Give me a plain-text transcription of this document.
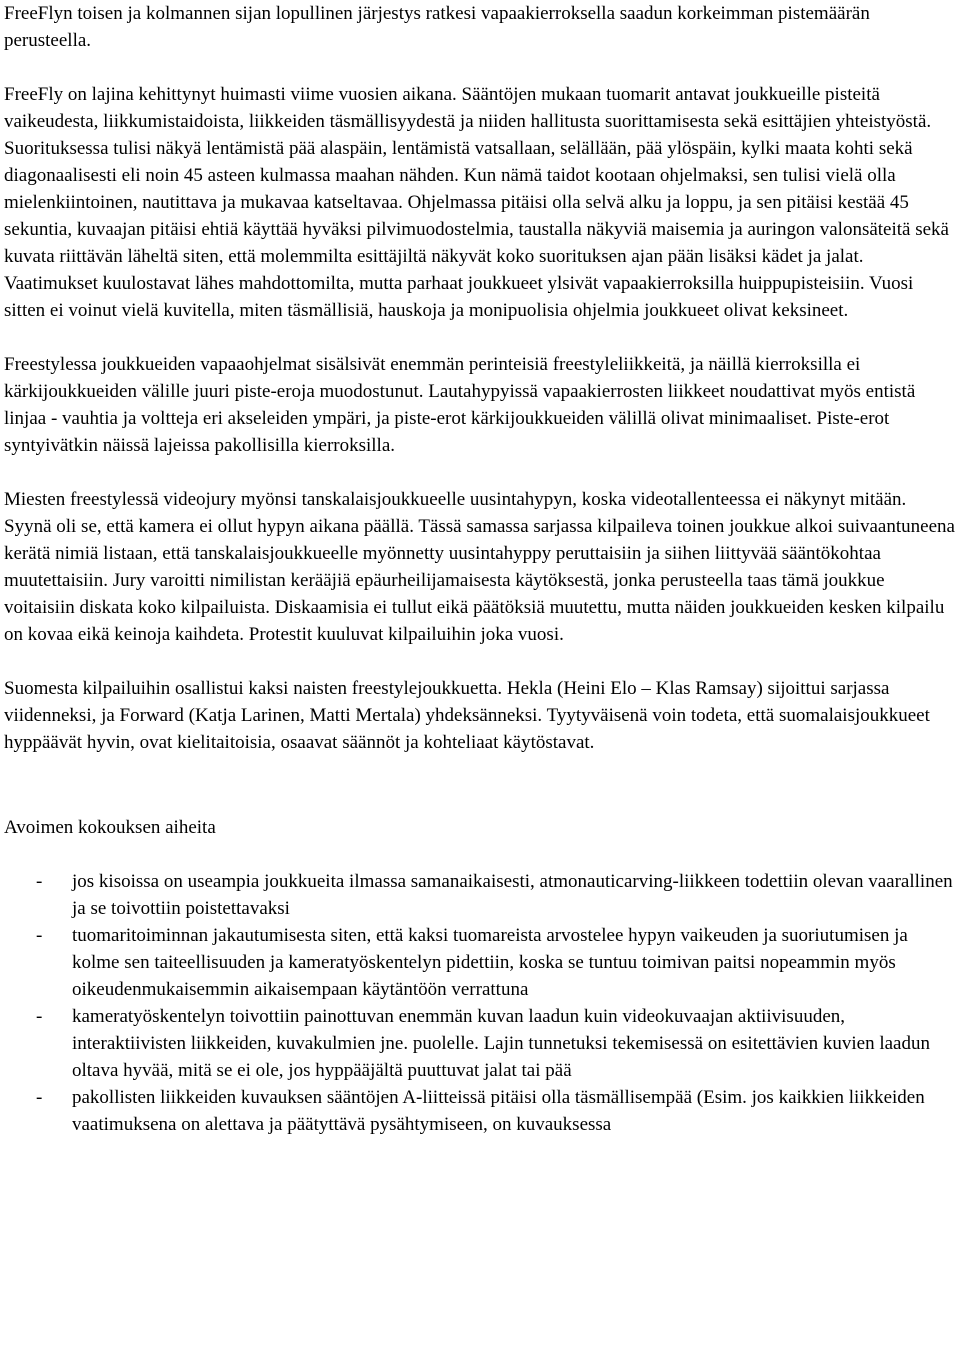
FreeFlyn toisen ja kolmannen sijan lopullinen järjestys ratkesi vapaakierroksella saadun korkeimman pistemäärän perusteella.

FreeFly on lajina kehittynyt huimasti viime vuosien aikana. Sääntöjen mukaan tuomarit antavat joukkueille pisteitä vaikeudesta, liikkumistaidoista, liikkeiden täsmällisyydestä ja niiden hallitusta suorittamisesta sekä esittäjien yhteistyöstä. Suorituksessa tulisi näkyä lentämistä pää alaspäin, lentämistä vatsallaan, selällään, pää ylöspäin, kylki maata kohti sekä diagonaalisesti eli noin 45 asteen kulmassa maahan nähden. Kun nämä taidot kootaan ohjelmaksi, sen tulisi vielä olla mielenkiintoinen, nautittava ja mukavaa katseltavaa. Ohjelmassa pitäisi olla selvä alku ja loppu, ja sen pitäisi kestää 45 sekuntia, kuvaajan pitäisi ehtiä käyttää hyväksi pilvimuodostelmia, taustalla näkyviä maisemia ja auringon valonsäteitä sekä kuvata riittävän läheltä siten, että molemmilta esittäjiltä näkyvät koko suorituksen ajan pään lisäksi kädet ja jalat. Vaatimukset kuulostavat lähes mahdottomilta, mutta parhaat joukkueet ylsivät vapaakierroksilla huippupisteisiin. Vuosi sitten ei voinut vielä kuvitella, miten täsmällisiä, hauskoja ja monipuolisia ohjelmia joukkueet olivat keksineet.

Freestylessa joukkueiden vapaaohjelmat sisälsivät enemmän perinteisiä freestyleliikkeitä, ja näillä kierroksilla ei kärkijoukkueiden välille juuri piste-eroja muodostunut. Lautahypyissä vapaakierrosten liikkeet noudattivat myös entistä linjaa - vauhtia ja voltteja eri akseleiden ympäri, ja piste-erot kärkijoukkueiden välillä olivat minimaaliset. Piste-erot syntyivätkin näissä lajeissa pakollisilla kierroksilla.

Miesten freestylessä videojury myönsi tanskalaisjoukkueelle uusintahypyn, koska videotallenteessa ei näkynyt mitään. Syynä oli se, että kamera ei ollut hypyn aikana päällä. Tässä samassa sarjassa kilpaileva toinen joukkue alkoi suivaantuneena kerätä nimiä listaan, että tanskalaisjoukkueelle myönnetty uusintahyppy peruttaisiin ja siihen liittyvää sääntökohtaa muutettaisiin. Jury varoitti nimilistan kerääjiä epäurheilijamaisesta käytöksestä, jonka perusteella taas tämä joukkue voitaisiin diskata koko kilpailuista. Diskaamisia ei tullut eikä päätöksiä muutettu, mutta näiden joukkueiden kesken kilpailu on kovaa eikä keinoja kaihdeta. Protestit kuuluvat kilpailuihin joka vuosi.

Suomesta kilpailuihin osallistui kaksi naisten freestylejoukkuetta. Hekla (Heini Elo – Klas Ramsay) sijoittui sarjassa viidenneksi, ja Forward (Katja Larinen, Matti Mertala) yhdeksänneksi. Tyytyväisenä voin todeta, että suomalaisjoukkueet hyppäävät hyvin, ovat kielitaitoisia, osaavat säännöt ja kohteliaat käytöstavat.

Avoimen kokouksen aiheita
- jos kisoissa on useampia joukkueita ilmassa samanaikaisesti, atmonauticarving-liikkeen todettiin olevan vaarallinen ja se toivottiin poistettavaksi
- tuomaritoiminnan jakautumisesta siten, että kaksi tuomareista arvostelee hypyn vaikeuden ja suoriutumisen ja kolme sen taiteellisuuden ja kameratyöskentelyn pidettiin, koska se tuntuu toimivan paitsi nopeammin myös oikeudenmukaisemmin aikaisempaan käytäntöön verrattuna
- kameratyöskentelyn toivottiin painottuvan enemmän kuvan laadun kuin videokuvaajan aktiivisuuden, interaktiivisten liikkeiden, kuvakulmien jne. puolelle. Lajin tunnetuksi tekemisessä on esitettävien kuvien laadun oltava hyvää, mitä se ei ole, jos hyppääjältä puuttuvat jalat tai pää
- pakollisten liikkeiden kuvauksen sääntöjen A-liitteissä pitäisi olla täsmällisempää (Esim. jos kaikkien liikkeiden vaatimuksena on alettava ja päätyttävä pysähtymiseen, on kuvauksessa
